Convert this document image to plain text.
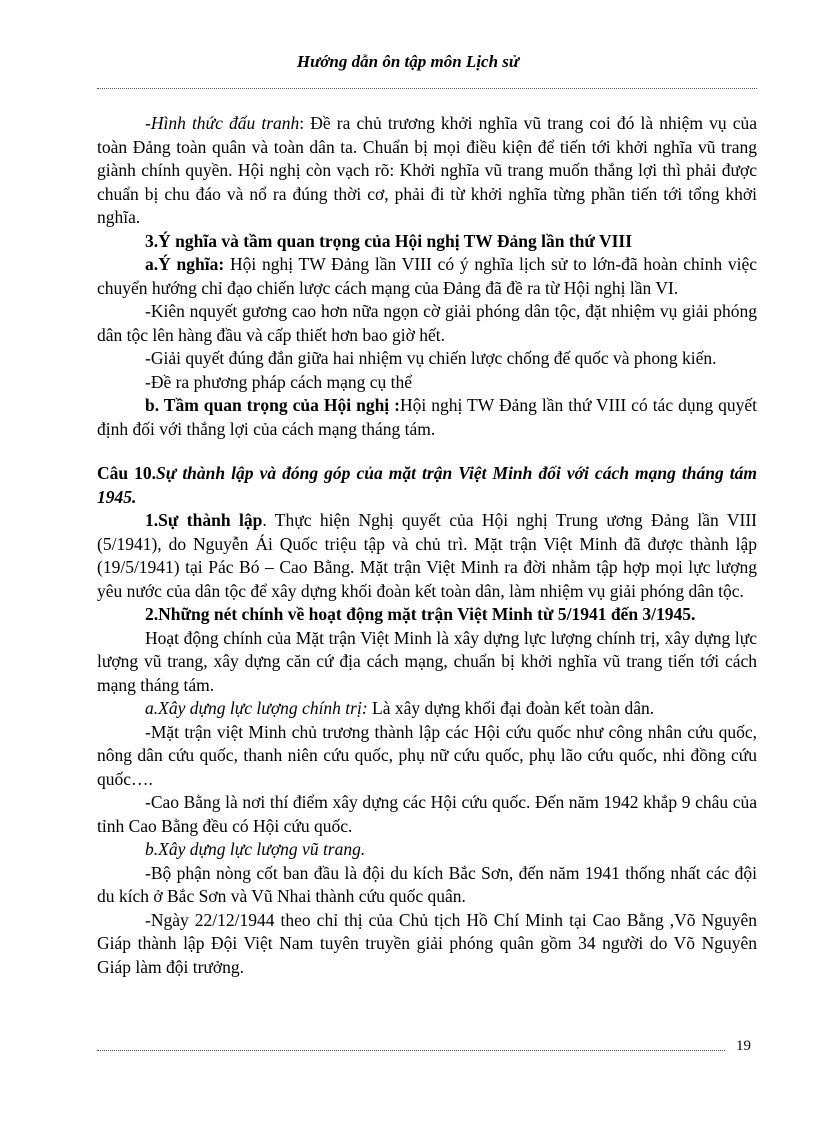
Hướng dẫn ôn tập môn Lịch sử

-Hình thức đấu tranh: Đề ra chủ trương khởi nghĩa vũ trang coi đó là nhiệm vụ của toàn Đảng toàn quân và toàn dân ta. Chuẩn bị mọi điều kiện để tiến tới khởi nghĩa vũ trang giành chính quyền. Hội nghị còn vạch rõ: Khởi nghĩa vũ trang muốn thắng lợi thì phải được chuẩn bị chu đáo và nổ ra đúng thời cơ, phải đi từ khởi nghĩa từng phần tiến tới tổng khởi nghĩa.

3.Ý nghĩa và tầm quan trọng của Hội nghị TW Đảng lần thứ VIII

a.Ý nghĩa: Hội nghị TW Đảng lần VIII có ý nghĩa lịch sử to lớn-đã hoàn chỉnh việc chuyển hướng chỉ đạo chiến lược cách mạng của Đảng đã đề ra từ Hội nghị lần VI.

-Kiên nquyết gương cao hơn nữa ngọn cờ giải phóng dân tộc, đặt nhiệm vụ giải phóng dân tộc lên hàng đầu và cấp thiết hơn bao giờ hết.

-Giải quyết đúng đắn giữa hai nhiệm vụ chiến lược chống đế quốc và phong kiến.

-Đề ra phương pháp cách mạng cụ thể

b. Tầm quan trọng của Hội nghị :Hội nghị TW Đảng lần thứ VIII có tác dụng quyết định đối với thắng lợi của cách mạng tháng tám.

Câu 10.Sự thành lập và đóng góp của mặt trận Việt Minh đối với cách mạng tháng tám 1945.

1.Sự thành lập. Thực hiện Nghị quyết của Hội nghị Trung ương Đảng lần VIII (5/1941), do Nguyễn Ái Quốc triệu tập và chủ trì. Mặt trận Việt Minh đã được thành lập (19/5/1941) tại Pác Bó – Cao Bằng. Mặt trận Việt Minh ra đời nhằm tập hợp mọi lực lượng yêu nước của dân tộc để xây dựng khối đoàn kết toàn dân, làm nhiệm vụ giải phóng dân tộc.

2.Những nét chính về hoạt động mặt trận Việt Minh từ 5/1941 đến 3/1945.

Hoạt động chính của Mặt trận Việt Minh là xây dựng lực lượng chính trị, xây dựng lực lượng vũ trang, xây dựng căn cứ địa cách mạng, chuẩn bị khởi nghĩa vũ trang tiến tới cách mạng tháng tám.

a.Xây dựng lực lượng chính trị: Là xây dựng khối đại đoàn kết toàn dân.

-Mặt trận việt Minh chủ trương thành lập các Hội cứu quốc như công nhân cứu quốc, nông dân cứu quốc, thanh niên cứu quốc, phụ nữ cứu quốc, phụ lão cứu quốc, nhi đồng cứu quốc….

-Cao Bằng là nơi thí điểm xây dựng các Hội cứu quốc. Đến năm 1942 khắp 9 châu của tỉnh Cao Bằng đều có Hội cứu quốc.

b.Xây dựng lực lượng vũ trang.

-Bộ phận nòng cốt ban đầu là đội du kích Bắc Sơn, đến năm 1941 thống nhất các đội du kích ở Bắc Sơn và Vũ Nhai thành cứu quốc quân.

-Ngày 22/12/1944 theo chỉ thị của Chủ tịch Hồ Chí Minh tại Cao Bằng ,Võ Nguyên Giáp thành lập Đội Việt Nam tuyên truyền giải phóng quân gồm 34 người do Võ Nguyên Giáp làm đội trưởng.

19
